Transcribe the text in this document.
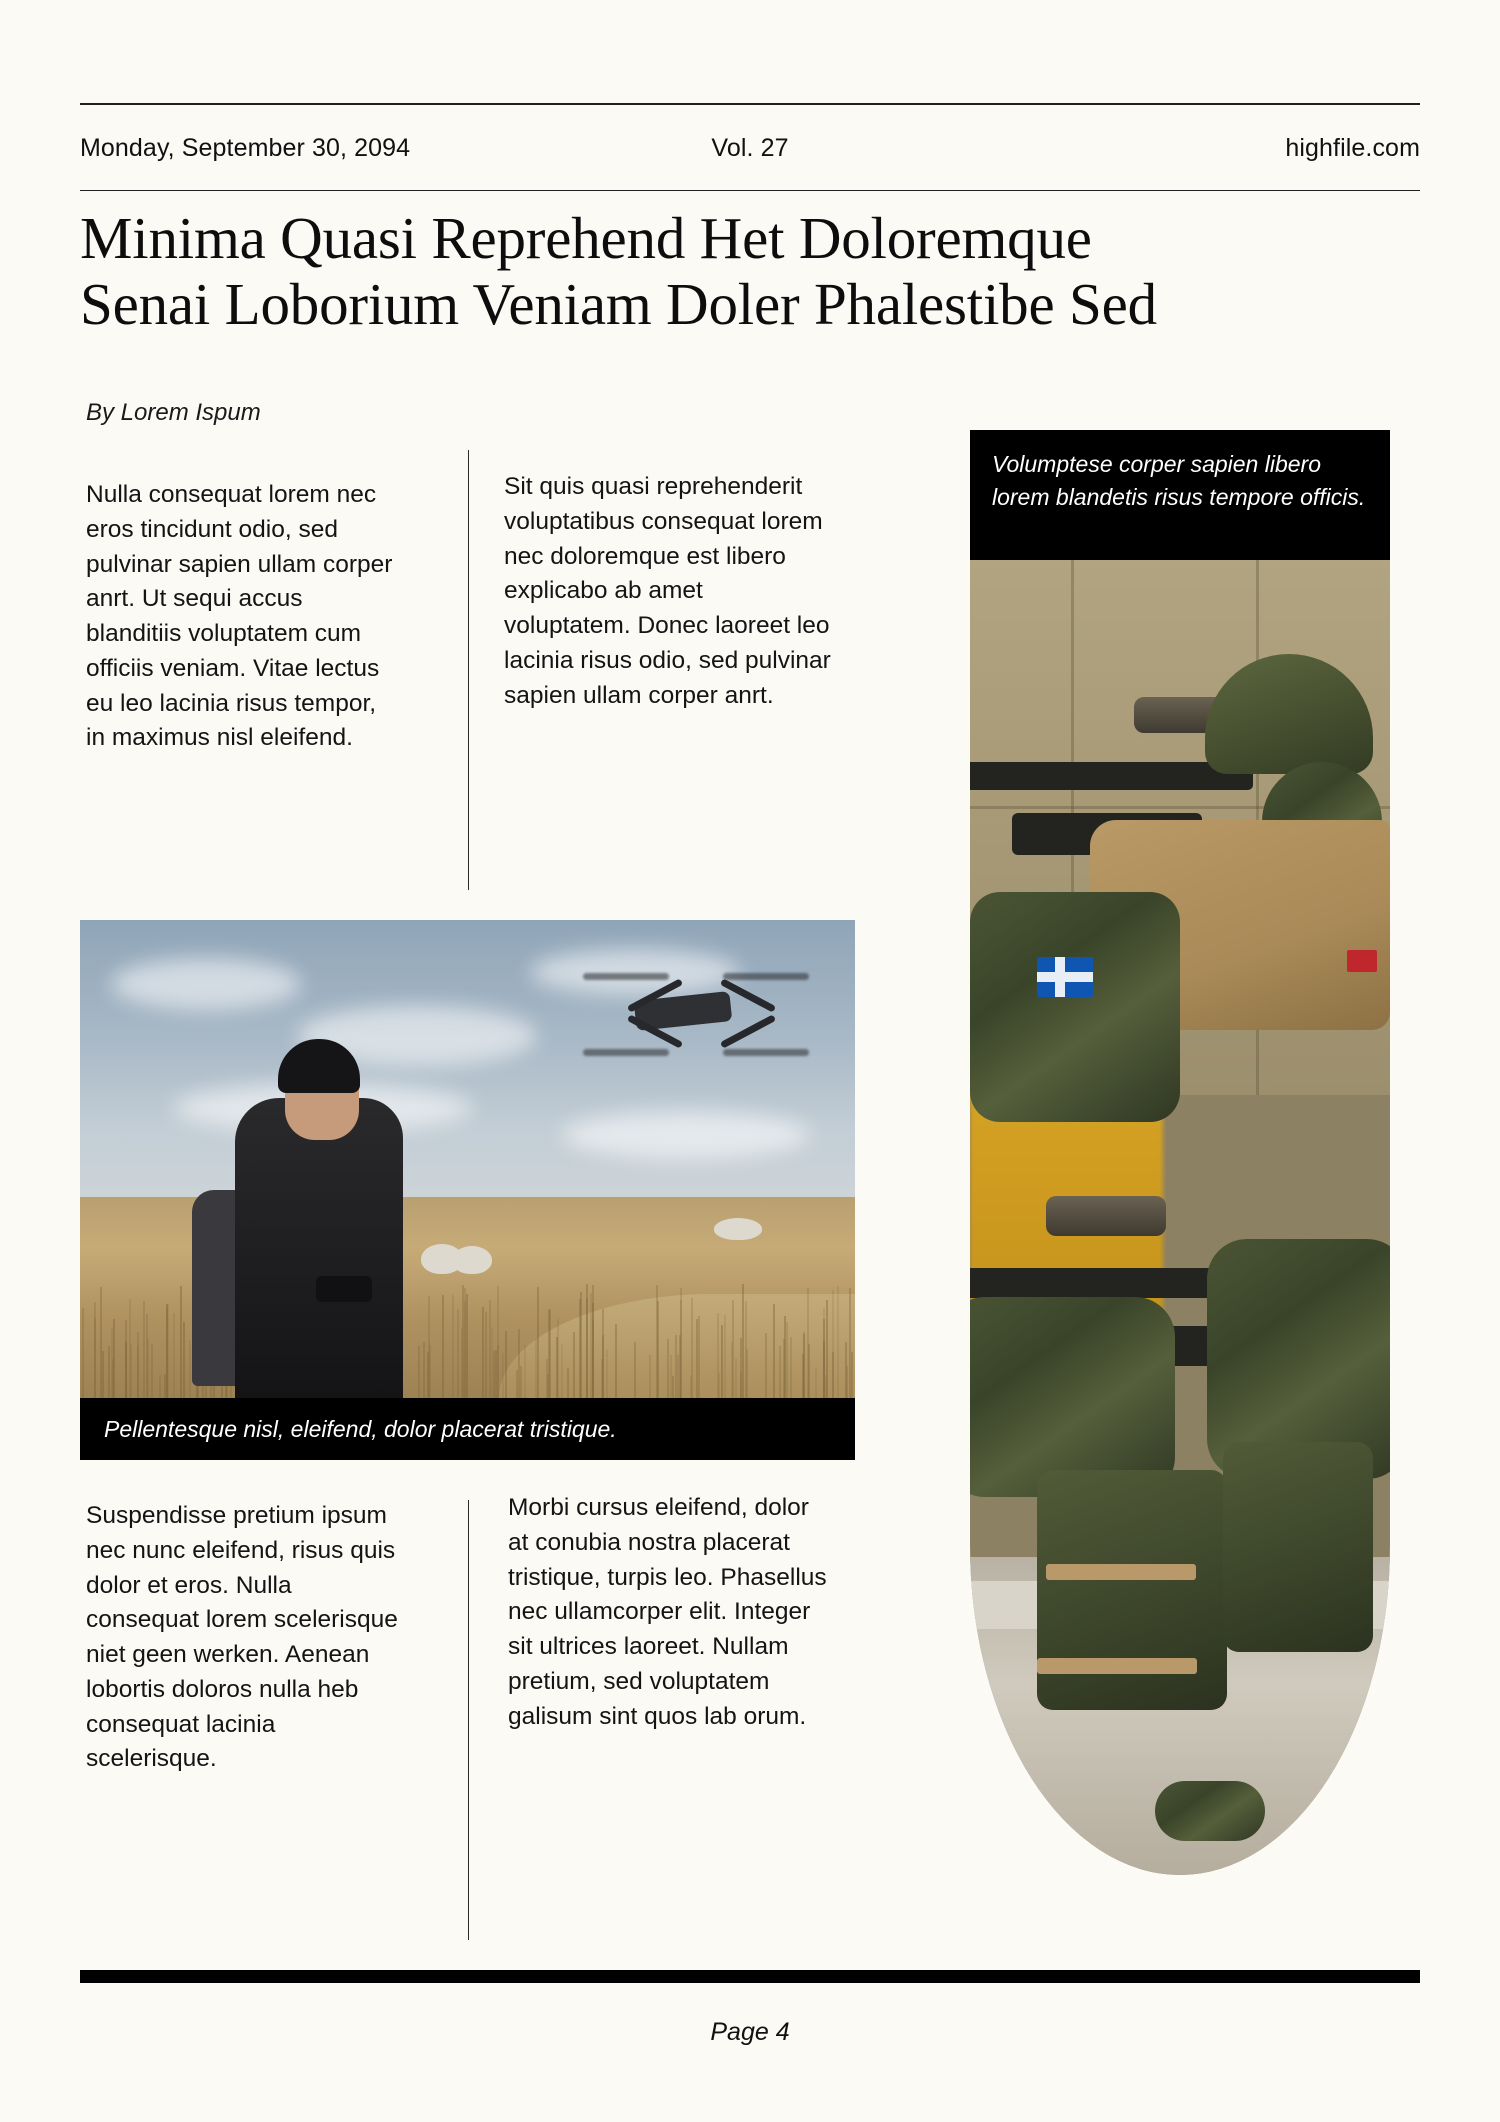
Monday, September 30, 2094	Vol. 27	highfile.com
Minima Quasi Reprehend Het Doloremque
Senai Loborium Veniam Doler Phalestibe Sed
By Lorem Ispum
Nulla consequat lorem nec eros tincidunt odio, sed pulvinar sapien ullam corper anrt. Ut sequi accus blanditiis voluptatem cum officiis veniam. Vitae lectus eu leo lacinia risus tempor, in maximus nisl eleifend.
Sit quis quasi reprehenderit voluptatibus consequat lorem nec doloremque est libero explicabo ab amet voluptatem. Donec laoreet leo lacinia risus odio, sed pulvinar sapien ullam corper anrt.
Suspendisse pretium ipsum nec nunc eleifend, risus quis dolor et eros. Nulla consequat lorem scelerisque niet geen werken. Aenean lobortis doloros nulla heb consequat lacinia scelerisque.
Morbi cursus eleifend, dolor at conubia nostra placerat tristique, turpis leo. Phasellus nec ullamcorper elit. Integer sit ultrices laoreet. Nullam pretium, sed voluptatem galisum sint quos lab orum.
Pellentesque nisl, eleifend, dolor placerat tristique.
Volumptese corper sapien libero lorem blandetis risus tempore officis.
Page 4
